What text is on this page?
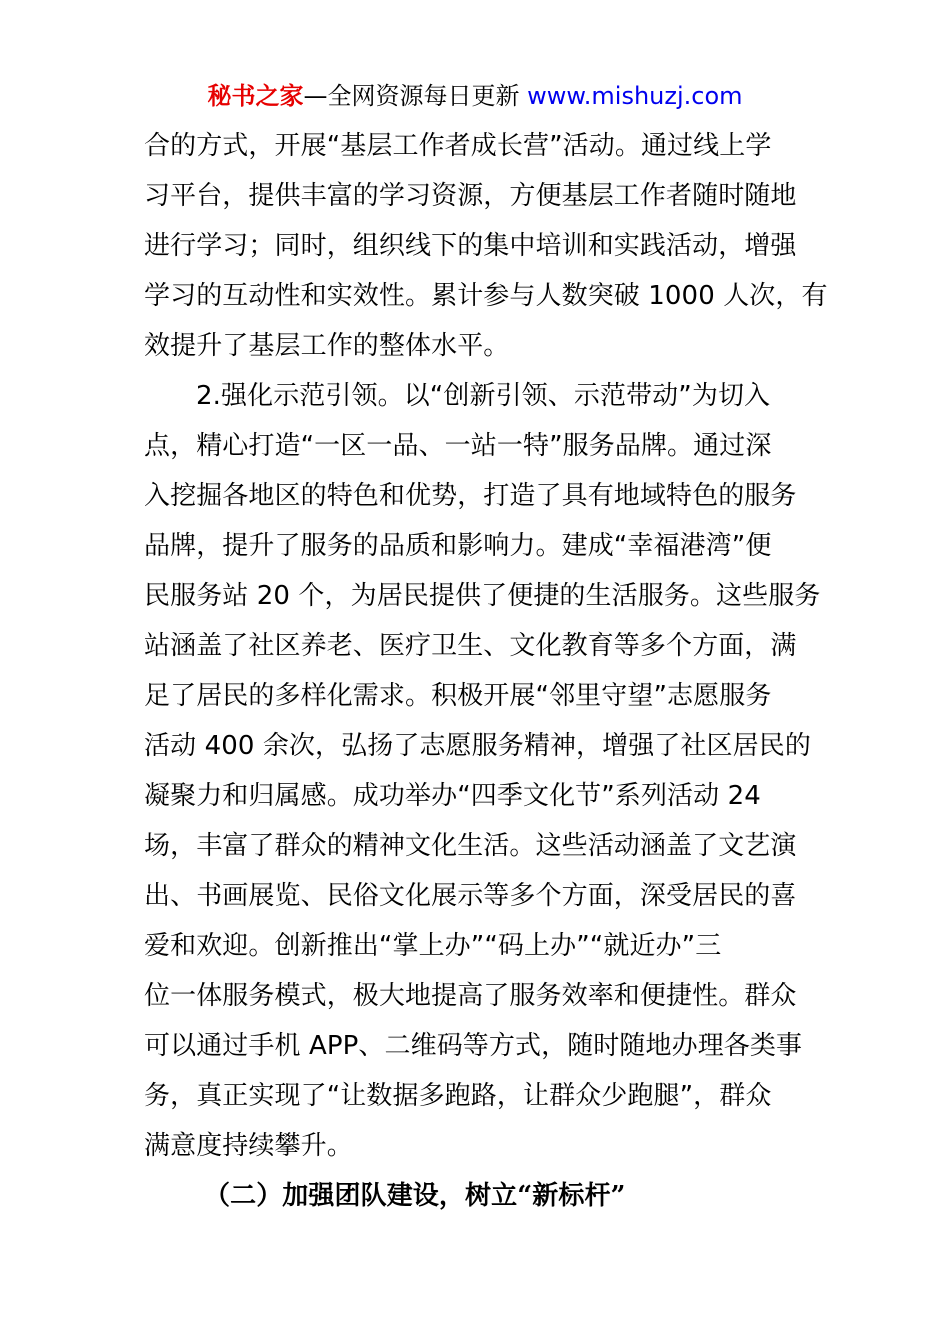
秘书之家—全网资源每日更新 www.mishuzj.com
合的方式，开展“基层工作者成长营”活动。通过线上学
习平台，提供丰富的学习资源，方便基层工作者随时随地
进行学习；同时，组织线下的集中培训和实践活动，增强
学习的互动性和实效性。累计参与人数突破 1000 人次，有
效提升了基层工作的整体水平。
2.强化示范引领。以“创新引领、示范带动”为切入
点，精心打造“一区一品、一站一特”服务品牌。通过深
入挖掘各地区的特色和优势，打造了具有地域特色的服务
品牌，提升了服务的品质和影响力。建成“幸福港湾”便
民服务站 20 个，为居民提供了便捷的生活服务。这些服务
站涵盖了社区养老、医疗卫生、文化教育等多个方面，满
足了居民的多样化需求。积极开展“邻里守望”志愿服务
活动 400 余次，弘扬了志愿服务精神，增强了社区居民的
凝聚力和归属感。成功举办“四季文化节”系列活动 24
场，丰富了群众的精神文化生活。这些活动涵盖了文艺演
出、书画展览、民俗文化展示等多个方面，深受居民的喜
爱和欢迎。创新推出“掌上办”“码上办”“就近办”三
位一体服务模式，极大地提高了服务效率和便捷性。群众
可以通过手机 APP、二维码等方式，随时随地办理各类事
务，真正实现了“让数据多跑路，让群众少跑腿”，群众
满意度持续攀升。
（二）加强团队建设，树立“新标杆”
